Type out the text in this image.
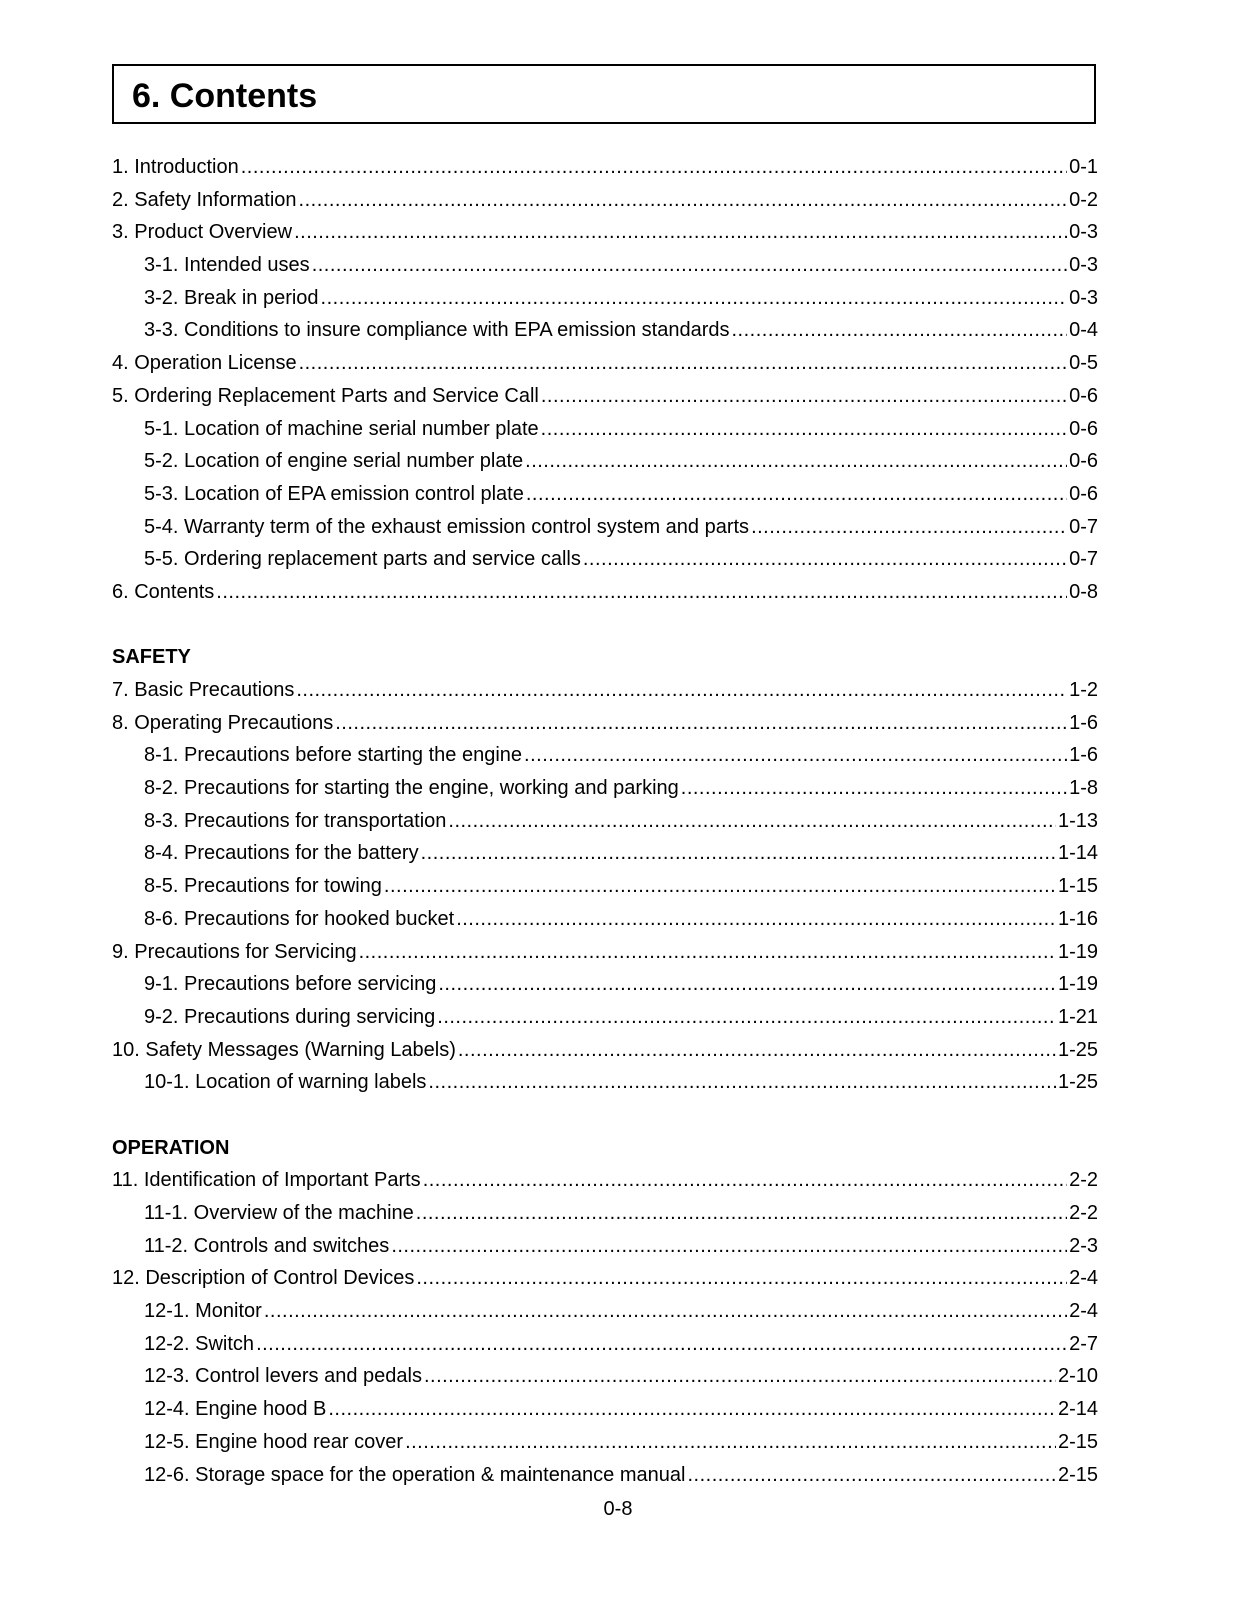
6. Contents
1. Introduction .....	0-1
2. Safety Information .....	0-2
3. Product Overview .....	0-3
3-1. Intended uses .....	0-3
3-2. Break in period .....	0-3
3-3. Conditions to insure compliance with EPA emission standards .....	0-4
4. Operation License .....	0-5
5. Ordering Replacement Parts and Service Call .....	0-6
5-1. Location of machine serial number plate .....	0-6
5-2. Location of engine serial number plate .....	0-6
5-3. Location of EPA emission control plate .....	0-6
5-4. Warranty term of the exhaust emission control system and parts .....	0-7
5-5. Ordering replacement parts and service calls .....	0-7
6. Contents .....	0-8
SAFETY
7. Basic Precautions .....	1-2
8. Operating Precautions .....	1-6
8-1. Precautions before starting the engine .....	1-6
8-2. Precautions for starting the engine, working and parking .....	1-8
8-3. Precautions for transportation .....	1-13
8-4. Precautions for the battery .....	1-14
8-5. Precautions for towing .....	1-15
8-6. Precautions for hooked bucket .....	1-16
9. Precautions for Servicing .....	1-19
9-1. Precautions before servicing .....	1-19
9-2. Precautions during servicing .....	1-21
10. Safety Messages (Warning Labels) .....	1-25
10-1. Location of warning labels .....	1-25
OPERATION
11. Identification of Important Parts .....	2-2
11-1. Overview of the machine .....	2-2
11-2. Controls and switches .....	2-3
12. Description of Control Devices .....	2-4
12-1. Monitor .....	2-4
12-2. Switch .....	2-7
12-3. Control levers and pedals .....	2-10
12-4. Engine hood B .....	2-14
12-5. Engine hood rear cover .....	2-15
12-6. Storage space for the operation & maintenance manual .....	2-15
0-8
